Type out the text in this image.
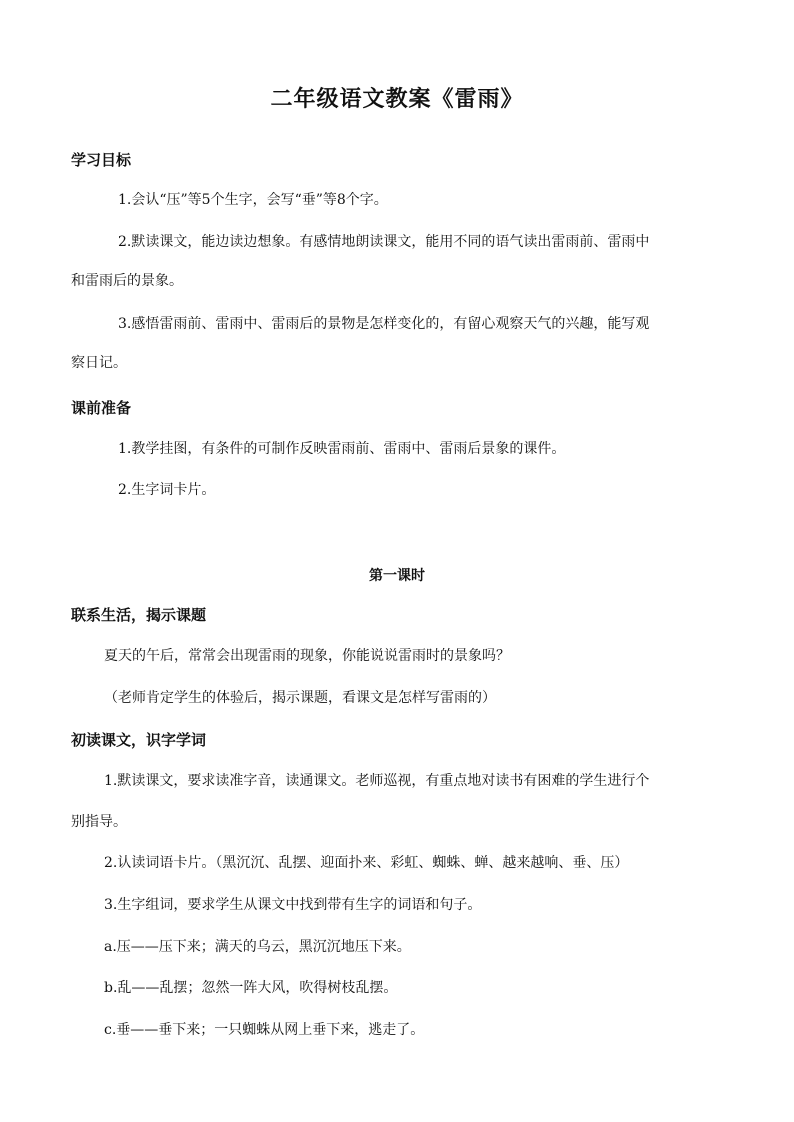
二年级语文教案《雷雨》
学习目标
1.会认“压”等5个生字，会写“垂”等8个字。
2.默读课文，能边读边想象。有感情地朗读课文，能用不同的语气读出雷雨前、雷雨中
和雷雨后的景象。
3.感悟雷雨前、雷雨中、雷雨后的景物是怎样变化的，有留心观察天气的兴趣，能写观
察日记。
课前准备
1.教学挂图，有条件的可制作反映雷雨前、雷雨中、雷雨后景象的课件。
2.生字词卡片。
第一课时
联系生活，揭示课题
夏天的午后，常常会出现雷雨的现象，你能说说雷雨时的景象吗？
（老师肯定学生的体验后，揭示课题，看课文是怎样写雷雨的）
初读课文，识字学词
1.默读课文，要求读准字音，读通课文。老师巡视，有重点地对读书有困难的学生进行个
别指导。
2.认读词语卡片。（黑沉沉、乱摆、迎面扑来、彩虹、蜘蛛、蝉、越来越响、垂、压）
3.生字组词，要求学生从课文中找到带有生字的词语和句子。
a.压——压下来；满天的乌云，黑沉沉地压下来。
b.乱——乱摆；忽然一阵大风，吹得树枝乱摆。
c.垂——垂下来；一只蜘蛛从网上垂下来，逃走了。
